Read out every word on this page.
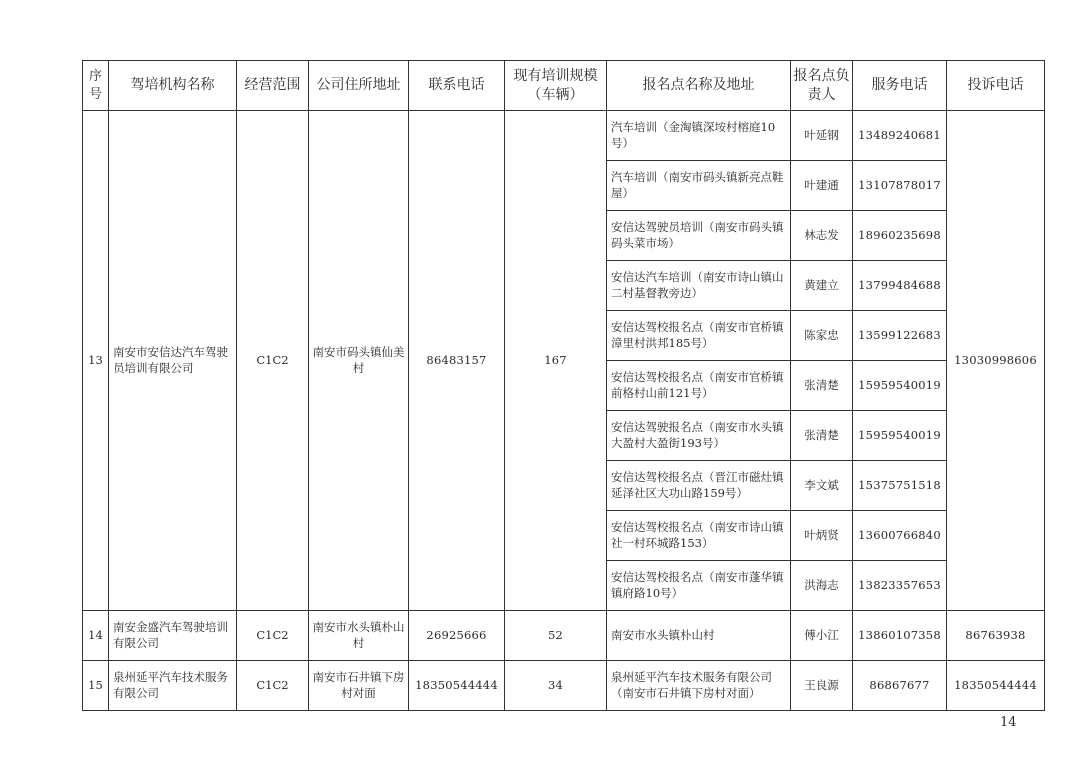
序号	驾培机构名称	经营范围	公司住所地址	联系电话	现有培训规模（车辆）	报名点名称及地址	报名点负责人	服务电话	投诉电话
13	南安市安信达汽车驾驶员培训有限公司	C1C2	南安市码头镇仙美村	86483157	167	汽车培训（金淘镇深垵村榕庭10号）	叶延钢	13489240681	13030998606
						汽车培训（南安市码头镇新亮点鞋屋）	叶建通	13107878017	
						安信达驾驶员培训（南安市码头镇码头菜市场）	林志发	18960235698	
						安信达汽车培训（南安市诗山镇山二村基督教旁边）	黄建立	13799484688	
						安信达驾校报名点（南安市官桥镇漳里村洪邦185号）	陈家忠	13599122683	
						安信达驾校报名点（南安市官桥镇前格村山前121号）	张清楚	15959540019	
						安信达驾驶报名点（南安市水头镇大盈村大盈街193号）	张清楚	15959540019	
						安信达驾校报名点（晋江市磁灶镇延泽社区大功山路159号）	李文斌	15375751518	
						安信达驾校报名点（南安市诗山镇社一村环城路153）	叶炳贤	13600766840	
						安信达驾校报名点（南安市蓬华镇镇府路10号）	洪海志	13823357653	
14	南安金盛汽车驾驶培训有限公司	C1C2	南安市水头镇朴山村	26925666	52	南安市水头镇朴山村	傅小江	13860107358	86763938
15	泉州延平汽车技术服务有限公司	C1C2	南安市石井镇下房村对面	18350544444	34	泉州延平汽车技术服务有限公司（南安市石井镇下房村对面）	王良源	86867677	18350544444
14
